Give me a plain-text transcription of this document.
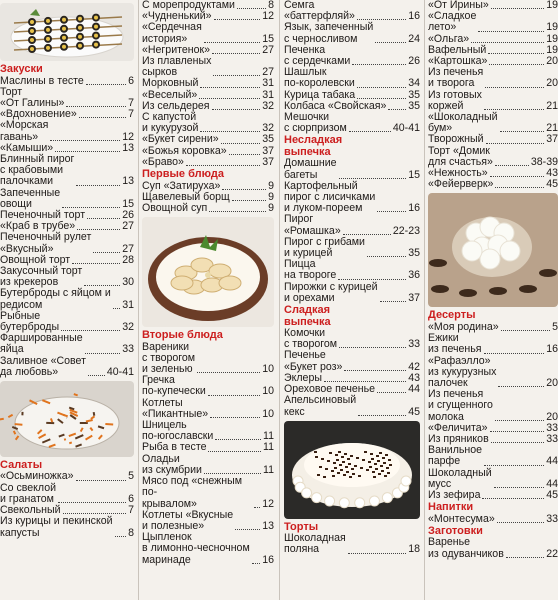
Закуски
Маслины в тесте	6
Торт
«От Галины»	7
«Вдохновение»	7
«Морская
гавань»	12
«Камыши»	13
Блинный пирог
с крабовыми
палочками	13
Запеченные
овощи	15
Печеночный торт	26
«Краб в трубе»	27
Печеночный рулет
«Вкусный»	27
Овощной торт	28
Закусочный торт
из крекеров	30
Бутерброды с яйцом и
редисом	31
Рыбные
бутерброды	32
Фаршированные
яйца	33
Заливное «Совет
да любовь»	40-41
Салаты
«Осьминожка»	5
Со свеклой
и гранатом	6
Свекольный	7
Из курицы и пекинской
капусты	8
С морепродуктами	8
«Чудненький»	12
«Сердечная
история»	15
«Негритенок»	27
Из плавленых
сырков	27
Морковный	31
«Веселый»	31
Из сельдерея	32
С капустой
и кукурузой	32
«Букет сирени»	35
«Божья коровка»	37
«Браво»	37
Первые блюда
Суп «Затируха»	9
Щавелевый борщ	9
Овощной суп	9
Вторые блюда
Вареники
с творогом
и зеленью	10
Гречка
по-купечески	10
Котлеты
«Пикантные»	10
Шницель
по-югославски	11
Рыба в тесте	11
Оладьи
из скумбрии	11
Мясо под «снежным по-
крывалом»	12
Котлеты «Вкусные
и полезные»	13
Цыпленок
в лимонно-чесночном
маринаде	16
Семга
«баттерфляй»	16
Язык, запеченный
с черносливом	24
Печенка
с сердечками	26
Шашлык
по-королевски	34
Курица табака	35
Колбаса «Свойская» 35
Мешочки
с сюрпризом	40-41
Несладкая
выпечка
Домашние
багеты	15
Картофельный
пирог с лисичками
и луком-пореем	16
Пирог
«Ромашка»	22-23
Пирог с грибами
и курицей	35
Пицца
на твороге	36
Пирожки с курицей
и орехами	37
Сладкая
выпечка
Комочки
с творогом	33
Печенье
«Букет роз»	42
Эклеры	43
Ореховое печенье	44
Апельсиновый
кекс	45
Торты
Шоколадная
поляна	18
«От Ирины»	19
«Сладкое
лето»	19
«Ольга»	19
Вафельный	19
«Картошка»	20
Из печенья
и творога	20
Из готовых
коржей	21
«Шоколадный
бум»	21
Творожный	37
Торт «Домик
для счастья»	38-39
«Нежность»	43
«Фейерверк»	45
Десерты
«Моя родина»	5
Ежики
из печенья	16
«Рафаэлло»
из кукурузных
палочек	20
Из печенья
и сгущенного
молока	20
«Феличита»	33
Из пряников	33
Ванильное
парфе	44
Шоколадный
мусс	44
Из зефира	45
Напитки
«Монтесума»	33
Заготовки
Варенье
из одуванчиков	22
